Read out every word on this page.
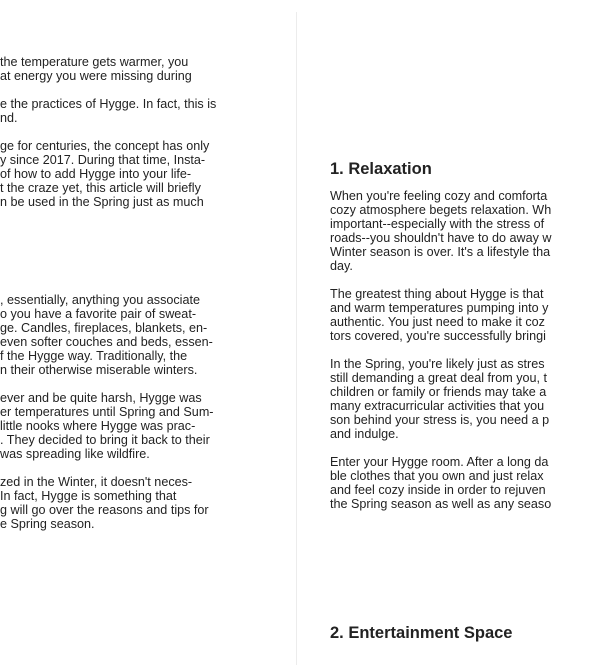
the temperature gets warmer, you
at energy you were missing during
e the practices of Hygge. In fact, this is
nd.
ge for centuries, the concept has only
y since 2017. During that time, Insta-
of how to add Hygge into your life-
t the craze yet, this article will briefly
n be used in the Spring just as much
, essentially, anything you associate
o you have a favorite pair of sweat-
ge. Candles, fireplaces, blankets, en-
even softer couches and beds, essen-
f the Hygge way. Traditionally, the
n their otherwise miserable winters.
ever and be quite harsh, Hygge was
er temperatures until Spring and Sum-
little nooks where Hygge was prac-
. They decided to bring it back to their
was spreading like wildfire.
zed in the Winter, it doesn't neces-
In fact, Hygge is something that
g will go over the reasons and tips for
e Spring season.
1. Relaxation
When you're feeling cozy and comforta
cozy atmosphere begets relaxation. Wh
important--especially with the stress of
roads--you shouldn't have to do away w
Winter season is over. It's a lifestyle tha
day.
The greatest thing about Hygge is that
and warm temperatures pumping into y
authentic. You just need to make it coz
tors covered, you're successfully bringi
In the Spring, you're likely just as stres
still demanding a great deal from you, t
children or family or friends may take a
many extracurricular activities that you
son behind your stress is, you need a p
and indulge.
Enter your Hygge room. After a long da
ble clothes that you own and just relax
and feel cozy inside in order to rejuven
the Spring season as well as any seaso
2. Entertainment Space
